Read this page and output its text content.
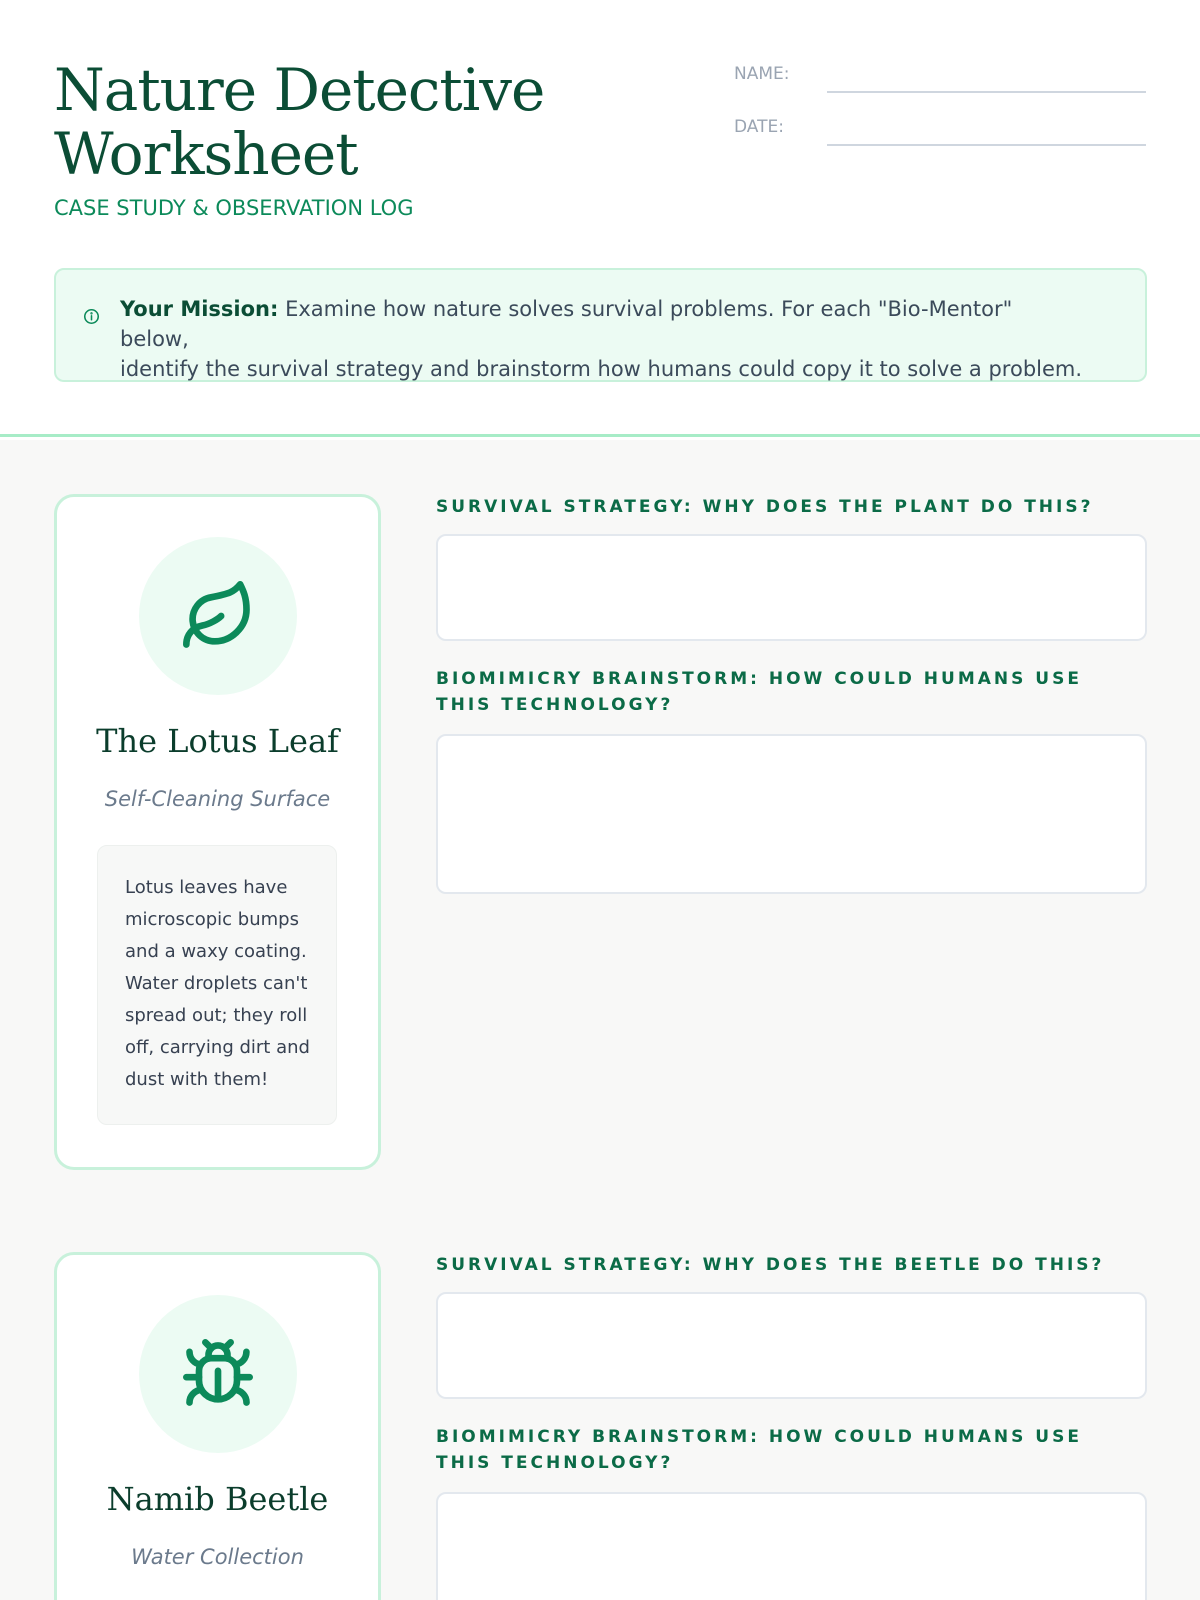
Nature Detective
Worksheet
CASE STUDY & OBSERVATION LOG
NAME:
DATE:
Your Mission: Examine how nature solves survival problems. For each "Bio-Mentor" below,
identify the survival strategy and brainstorm how humans could copy it to solve a problem.
The Lotus Leaf
Self-Cleaning Surface
Lotus leaves have microscopic bumps and a waxy coating. Water droplets can't spread out; they roll off, carrying dirt and dust with them!
SURVIVAL STRATEGY: WHY DOES THE PLANT DO THIS?
BIOMIMICRY BRAINSTORM: HOW COULD HUMANS USE THIS TECHNOLOGY?
Namib Beetle
Water Collection
SURVIVAL STRATEGY: WHY DOES THE BEETLE DO THIS?
BIOMIMICRY BRAINSTORM: HOW COULD HUMANS USE THIS TECHNOLOGY?
